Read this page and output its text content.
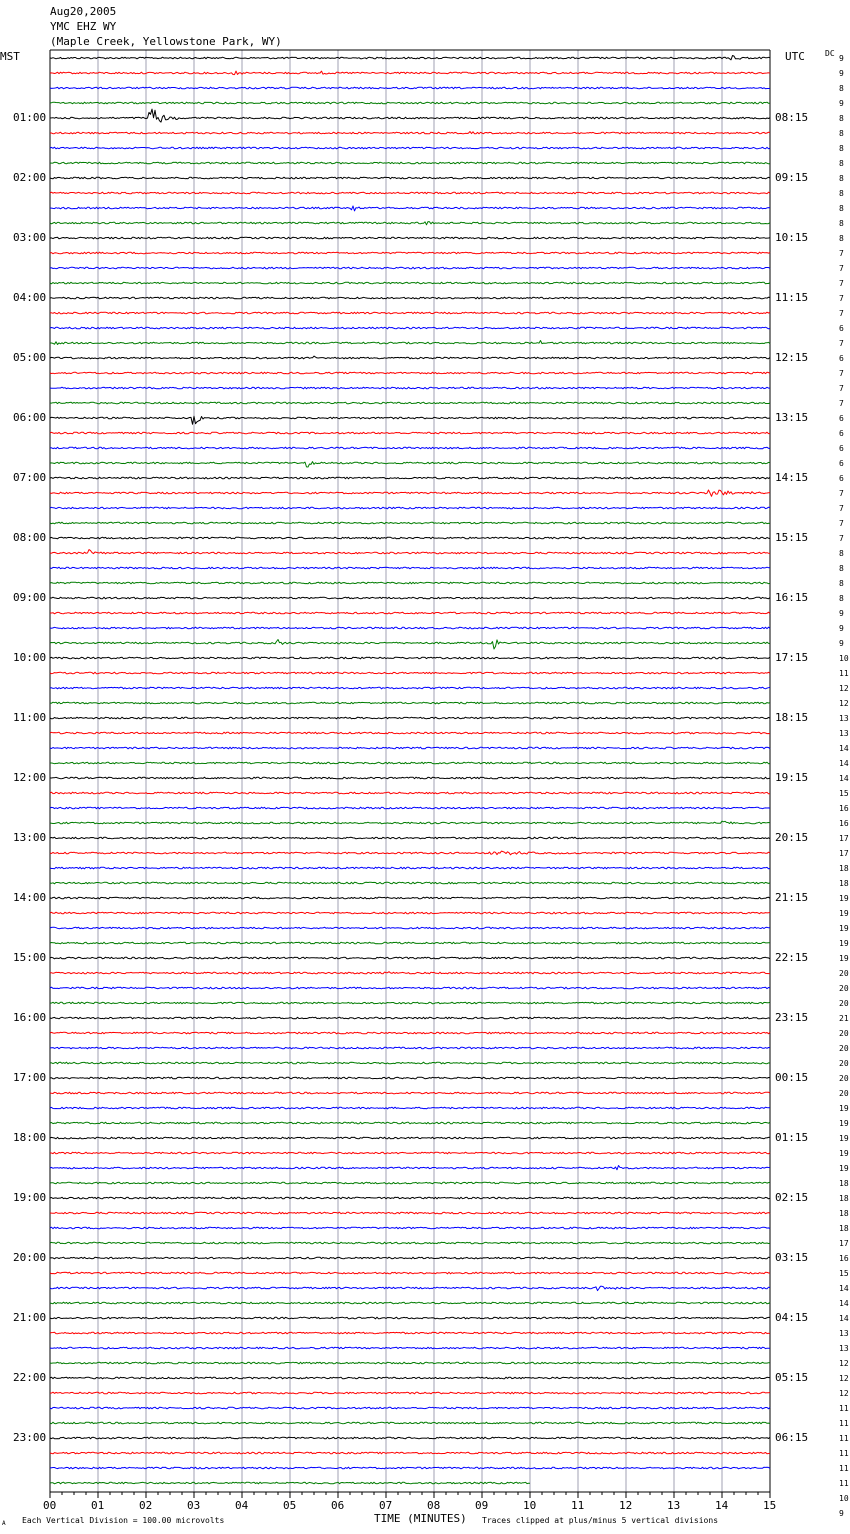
Aug20,2005
YMC EHZ WY
(Maple Creek, Yellowstone Park, WY)
MST	UTC	DC
01:00
02:00
03:00
04:00
05:00
06:00
07:00
08:00
09:00
10:00
11:00
12:00
13:00
14:00
15:00
16:00
17:00
18:00
19:00
20:00
21:00
22:00
23:00
08:15
09:15
10:15
11:15
12:15
13:15
14:15
15:15
16:15
17:15
18:15
19:15
20:15
21:15
22:15
23:15
00:15
01:15
02:15
03:15
04:15
05:15
06:15
9
9
8
9
8
8
8
8
8
8
8
8
8
7
7
7
7
7
6
7
6
7
7
7
6
6
6
6
6
7
7
7
7
8
8
8
8
9
9
9
10
11
12
12
13
13
14
14
14
15
16
16
17
17
18
18
19
19
19
19
19
20
20
20
21
20
20
20
20
20
19
19
19
19
19
18
18
18
18
17
16
15
14
14
14
13
13
12
12
12
11
11
11
11
11
11
10
9
00	01	02	03	04	05	06	07	08	09	10	11	12	13	14	15
TIME (MINUTES)
Each Vertical Division = 100.00 microvolts	Traces clipped at plus/minus 5 vertical divisions
A
